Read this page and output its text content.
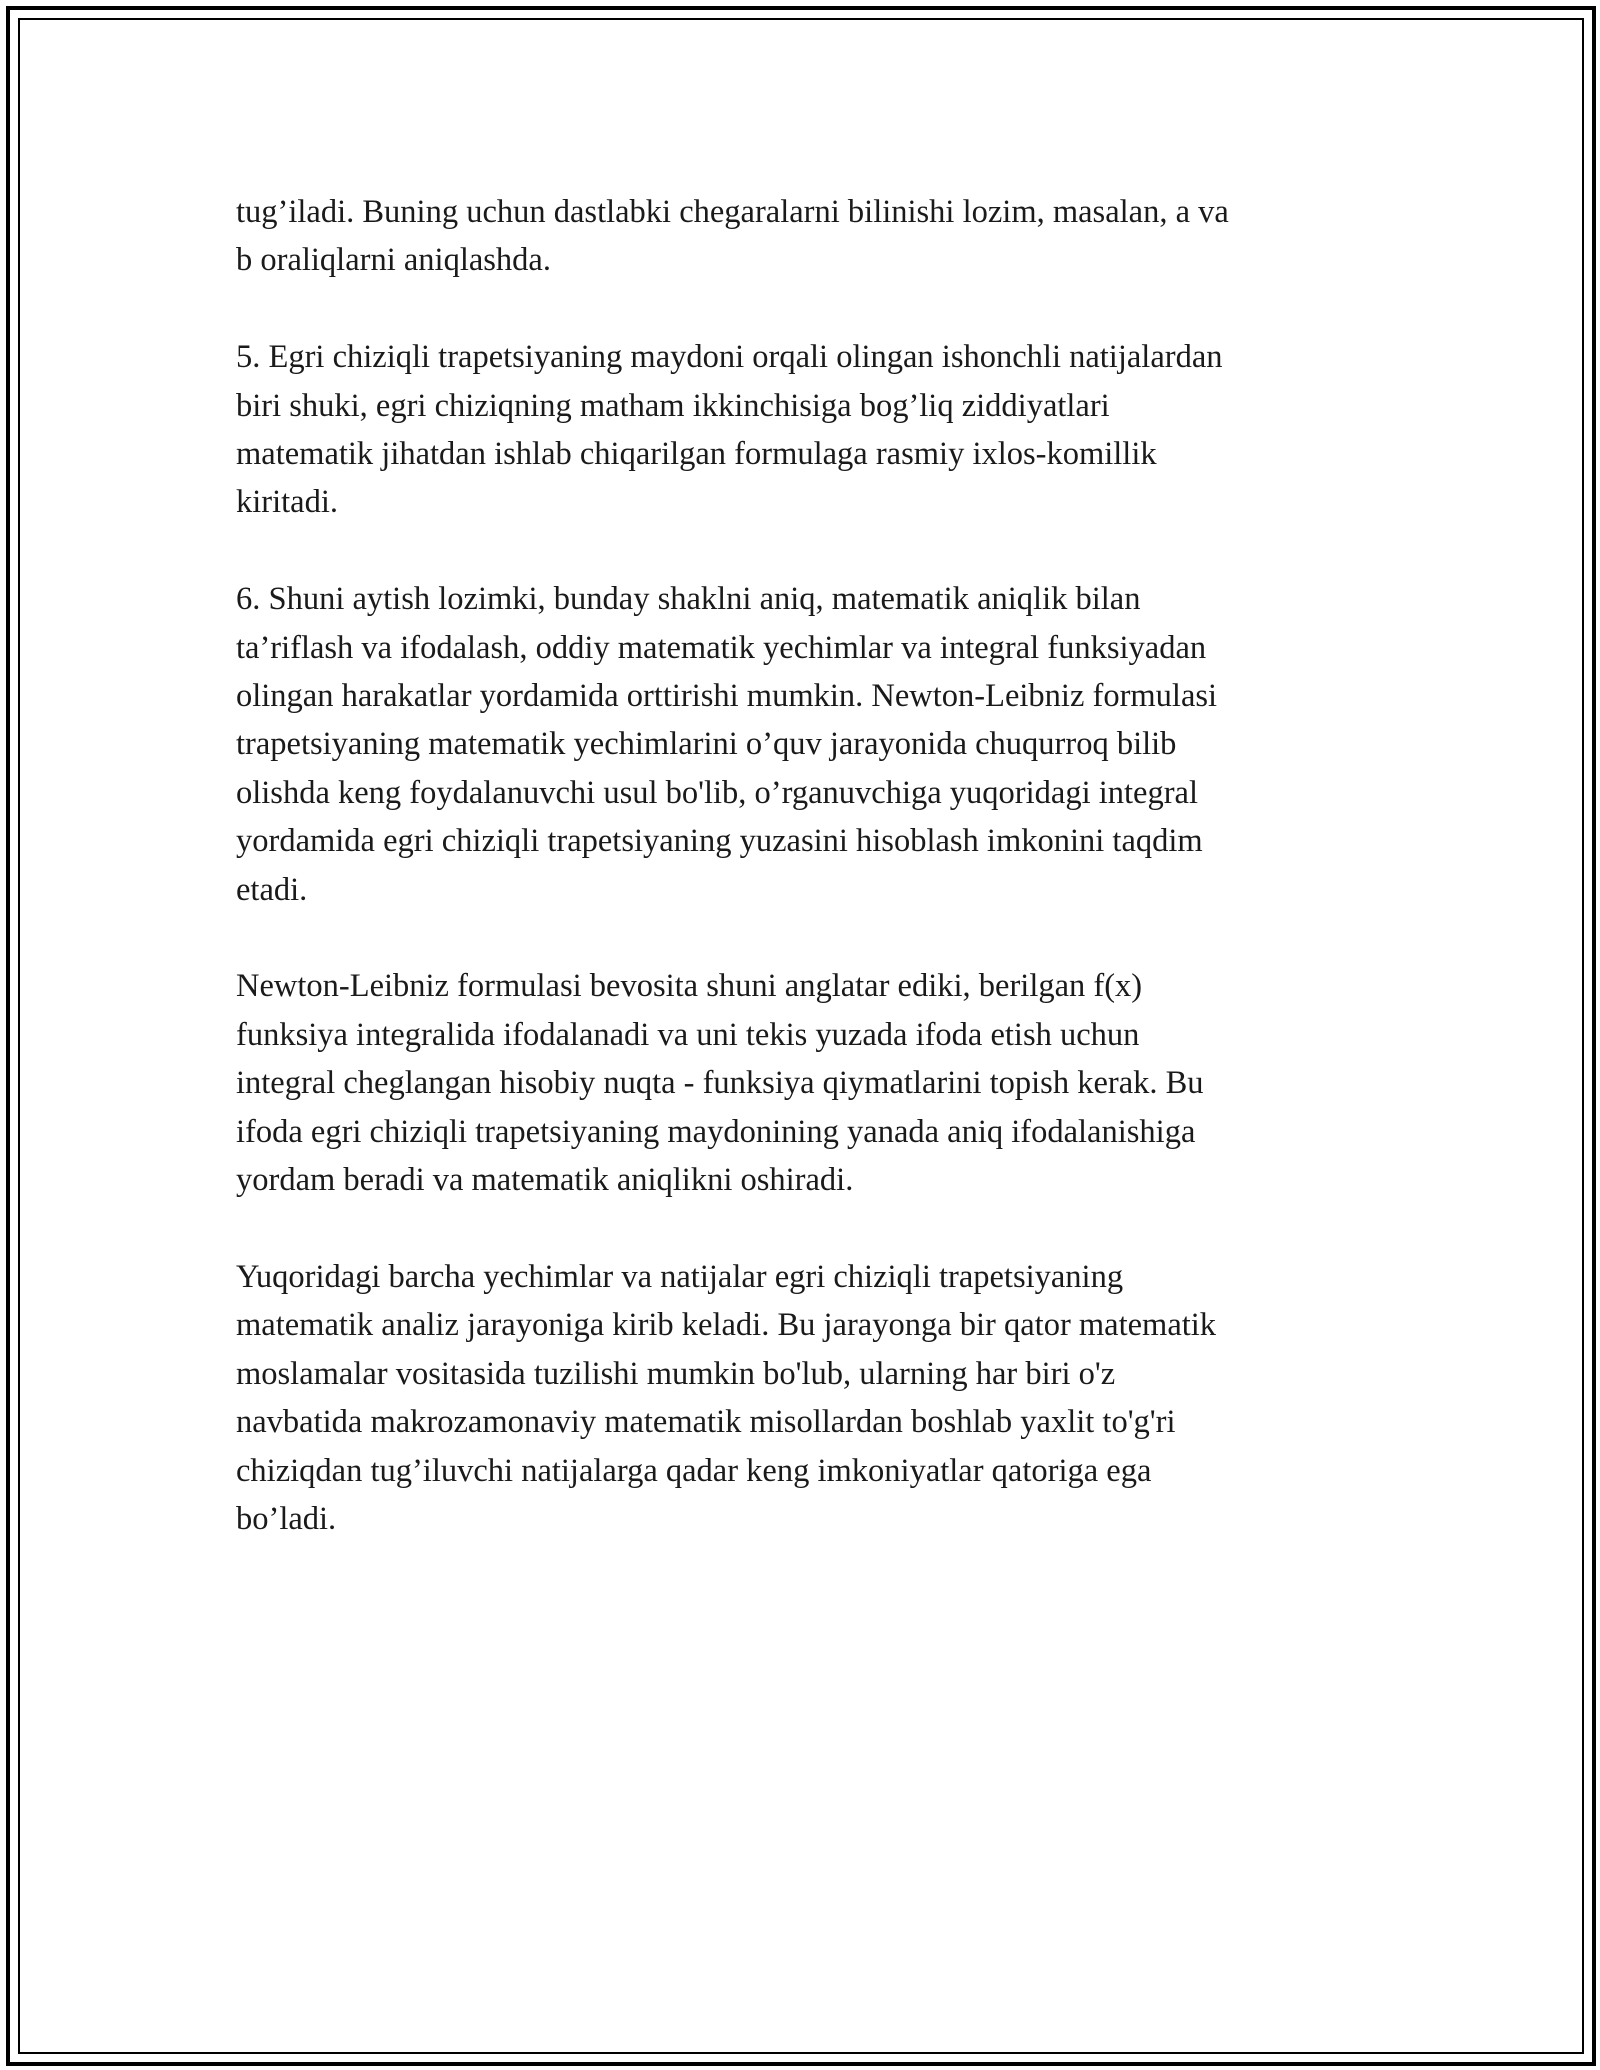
tug’iladi. Buning uchun dastlabki chegaralarni bilinishi lozim, masalan, a va
b oraliqlarni aniqlashda.

5. Egri chiziqli trapetsiyaning maydoni orqali olingan ishonchli natijalardan
biri shuki, egri chiziqning matham ikkinchisiga bog’liq ziddiyatlari
matematik jihatdan ishlab chiqarilgan formulaga rasmiy ixlos-komillik
kiritadi.

6. Shuni aytish lozimki, bunday shaklni aniq, matematik aniqlik bilan
ta’riflash va ifodalash, oddiy matematik yechimlar va integral funksiyadan
olingan harakatlar yordamida orttirishi mumkin. Newton-Leibniz formulasi
trapetsiyaning matematik yechimlarini o’quv jarayonida chuqurroq bilib
olishda keng foydalanuvchi usul bo'lib, o’rganuvchiga yuqoridagi integral
yordamida egri chiziqli trapetsiyaning yuzasini hisoblash imkonini taqdim
etadi.

Newton-Leibniz formulasi bevosita shuni anglatar ediki, berilgan f(x)
funksiya integralida ifodalanadi va uni tekis yuzada ifoda etish uchun
integral cheglangan hisobiy nuqta - funksiya qiymatlarini topish kerak. Bu
ifoda egri chiziqli trapetsiyaning maydonining yanada aniq ifodalanishiga
yordam beradi va matematik aniqlikni oshiradi.

Yuqoridagi barcha yechimlar va natijalar egri chiziqli trapetsiyaning
matematik analiz jarayoniga kirib keladi. Bu jarayonga bir qator matematik
moslamalar vositasida tuzilishi mumkin bo'lub, ularning har biri o'z
navbatida makrozamonaviy matematik misollardan boshlab yaxlit to'g'ri
chiziqdan tug’iluvchi natijalarga qadar keng imkoniyatlar qatoriga ega
bo’ladi.
